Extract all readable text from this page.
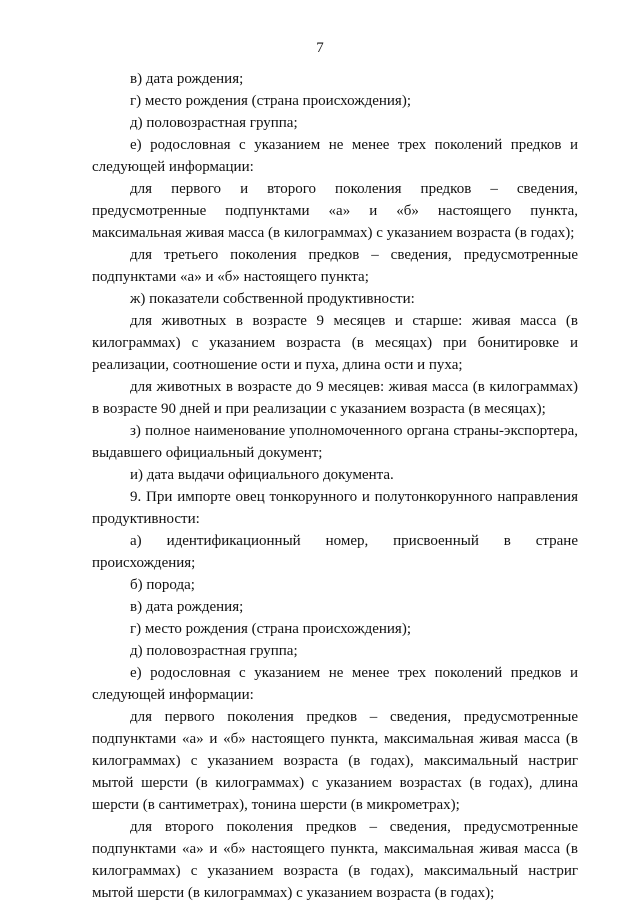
7

в) дата рождения;

г) место рождения (страна происхождения);

д) половозрастная группа;

е) родословная с указанием не менее трех поколений предков и следующей информации:

для первого и второго поколения предков – сведения, предусмотренные подпунктами «а» и «б» настоящего пункта, максимальная живая масса (в килограммах) с указанием возраста (в годах);

для третьего поколения предков – сведения, предусмотренные подпунктами «а» и «б» настоящего пункта;

ж) показатели собственной продуктивности:

для животных в возрасте 9 месяцев и старше: живая масса (в килограммах) с указанием возраста (в месяцах) при бонитировке и реализации, соотношение ости и пуха, длина ости и пуха;

для животных в возрасте до 9 месяцев: живая масса (в килограммах) в возрасте 90 дней и при реализации с указанием возраста (в месяцах);

з) полное наименование уполномоченного органа страны-экспортера, выдавшего официальный документ;

и) дата выдачи официального документа.

9. При импорте овец тонкорунного и полутонкорунного направления продуктивности:

а) идентификационный номер, присвоенный в стране происхождения;

б) порода;

в) дата рождения;

г) место рождения (страна происхождения);

д) половозрастная группа;

е) родословная с указанием не менее трех поколений предков и следующей информации:

для первого поколения предков – сведения, предусмотренные подпунктами «а» и «б» настоящего пункта, максимальная живая масса (в килограммах) с указанием возраста (в годах), максимальный настриг мытой шерсти (в килограммах) с указанием возрастах (в годах), длина шерсти (в сантиметрах), тонина шерсти (в микрометрах);

для второго поколения предков – сведения, предусмотренные подпунктами «а» и «б» настоящего пункта, максимальная живая масса (в килограммах) с указанием возраста (в годах), максимальный настриг мытой шерсти (в килограммах) с указанием возраста (в годах);
